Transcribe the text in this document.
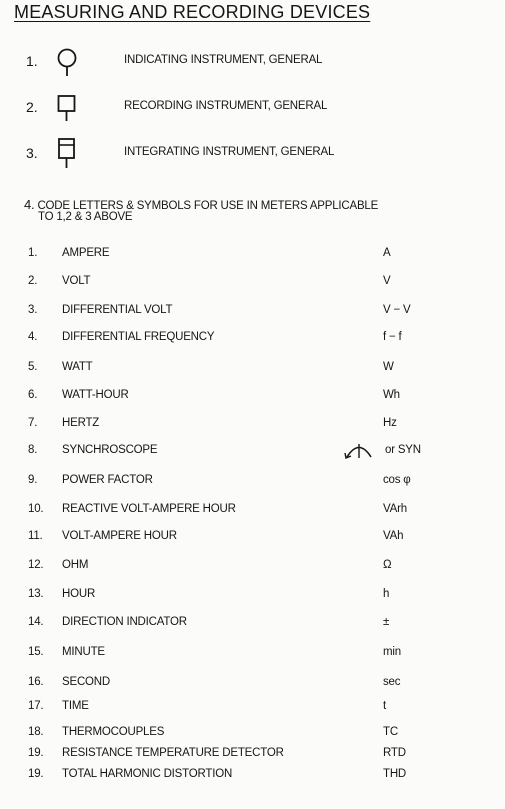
MEASURING AND RECORDING DEVICES
1.	INDICATING INSTRUMENT, GENERAL
2.	RECORDING INSTRUMENT, GENERAL
3.	INTEGRATING INSTRUMENT, GENERAL
4. CODE LETTERS & SYMBOLS FOR USE IN METERS APPLICABLE
TO 1,2 & 3 ABOVE
1. AMPERE	A
2. VOLT	V
3. DIFFERENTIAL VOLT	V − V
4. DIFFERENTIAL FREQUENCY	f − f
5. WATT	W
6. WATT-HOUR	Wh
7. HERTZ	Hz
8. SYNCHROSCOPE	or SYN
9. POWER FACTOR	cos φ
10. REACTIVE VOLT-AMPERE HOUR	VArh
11. VOLT-AMPERE HOUR	VAh
12. OHM	Ω
13. HOUR	h
14. DIRECTION INDICATOR	±
15. MINUTE	min
16. SECOND	sec
17. TIME	t
18. THERMOCOUPLES	TC
19. RESISTANCE TEMPERATURE DETECTOR	RTD
19. TOTAL HARMONIC DISTORTION	THD
